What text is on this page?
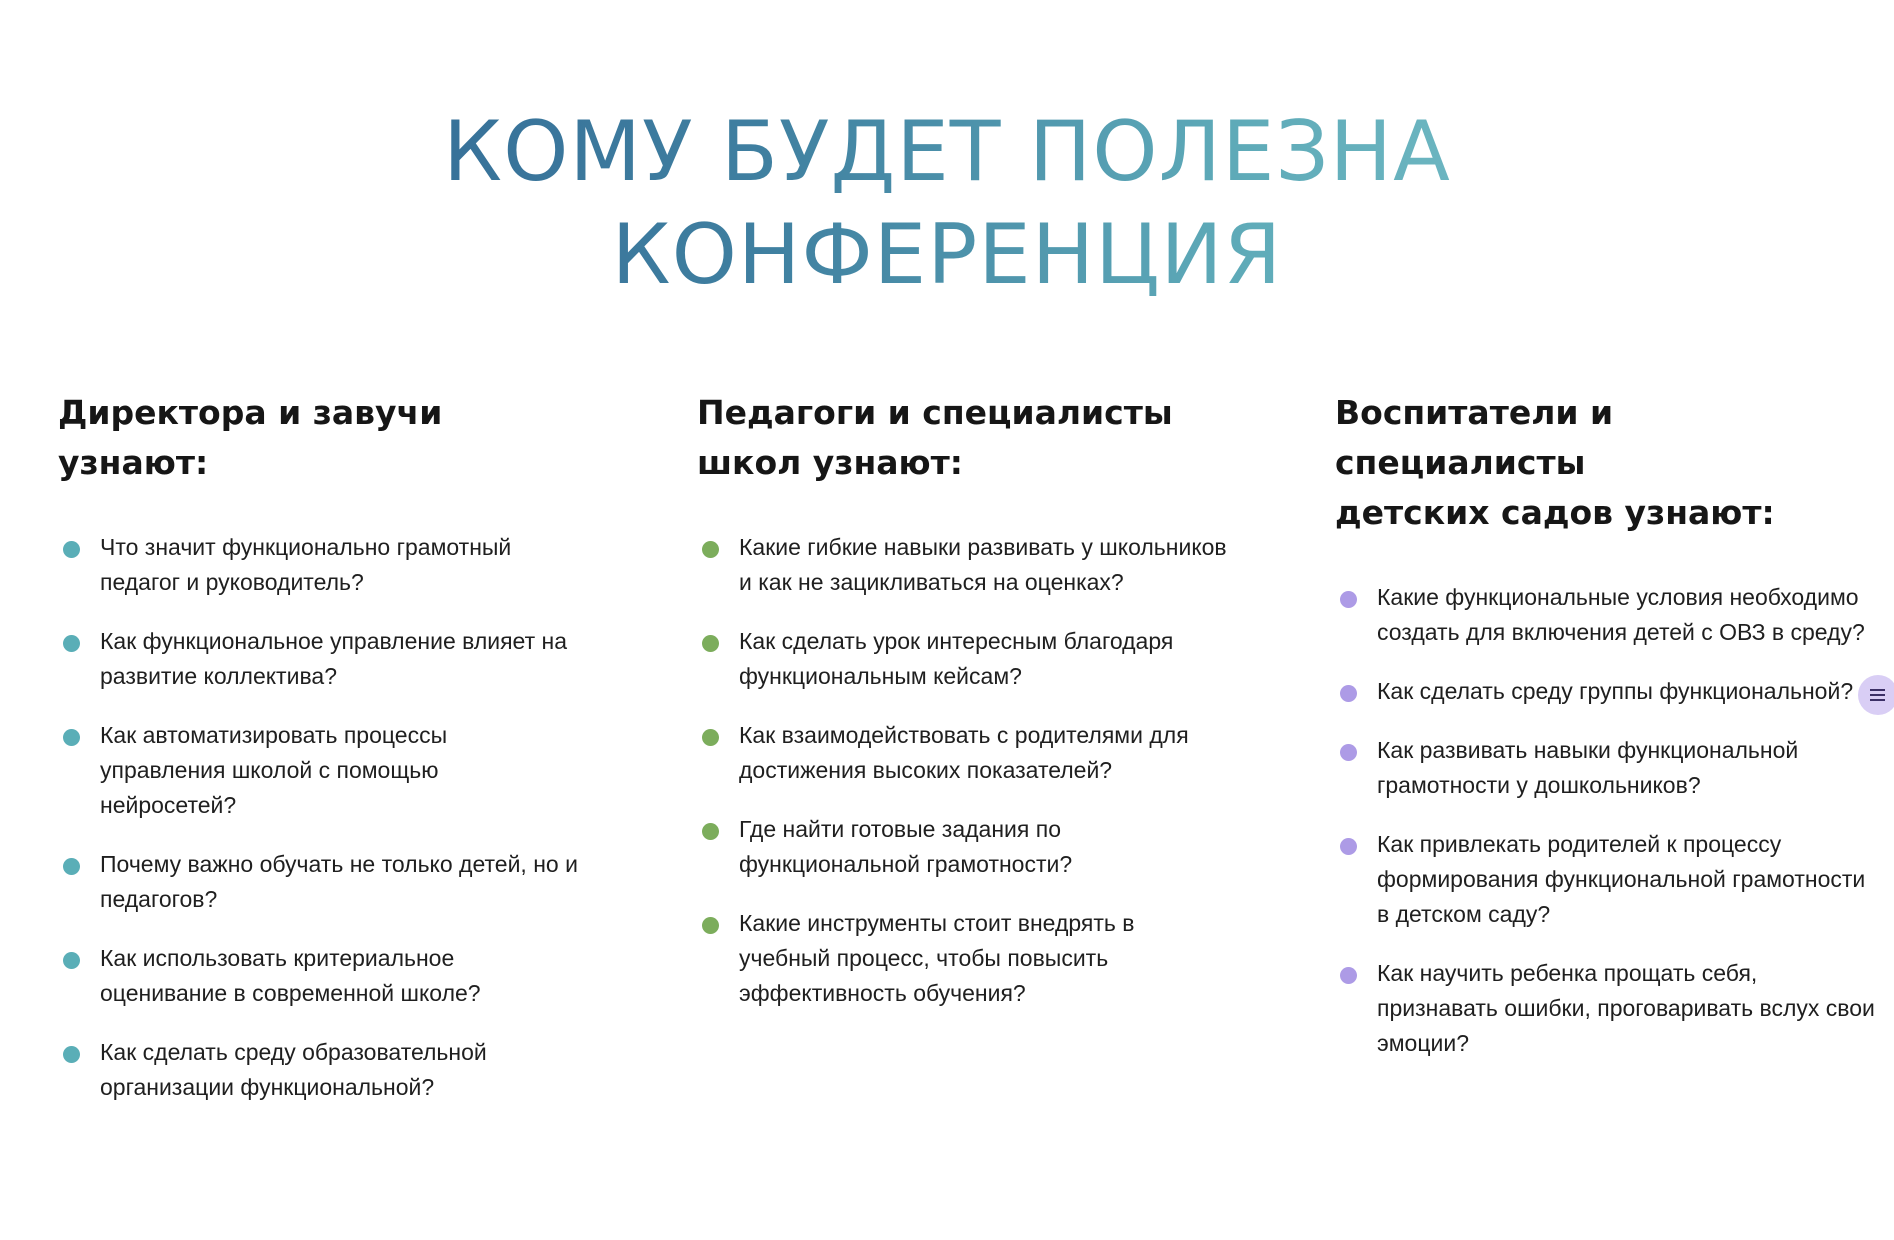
КОМУ БУДЕТ ПОЛЕЗНА
КОНФЕРЕНЦИЯ
Директора и завучи
узнают:
Что значит функционально грамотный педагог и руководитель?
Как функциональное управление влияет на развитие коллектива?
Как автоматизировать процессы управления школой с помощью нейросетей?
Почему важно обучать не только детей, но и педагогов?
Как использовать критериальное оценивание в современной школе?
Как сделать среду образовательной организации функциональной?
Педагоги и специалисты
школ узнают:
Какие гибкие навыки развивать у школьников и как не зацикливаться на оценках?
Как сделать урок интересным благодаря функциональным кейсам?
Как взаимодействовать с родителями для достижения высоких показателей?
Где найти готовые задания по функциональной грамотности?
Какие инструменты стоит внедрять в учебный процесс, чтобы повысить эффективность обучения?
Воспитатели и специалисты
детских садов узнают:
Какие функциональные условия необходимо создать для включения детей с ОВЗ в среду?
Как сделать среду группы функциональной?
Как развивать навыки функциональной грамотности у дошкольников?
Как привлекать родителей к процессу формирования функциональной грамотности в детском саду?
Как научить ребенка прощать себя, признавать ошибки, проговаривать вслух свои эмоции?
